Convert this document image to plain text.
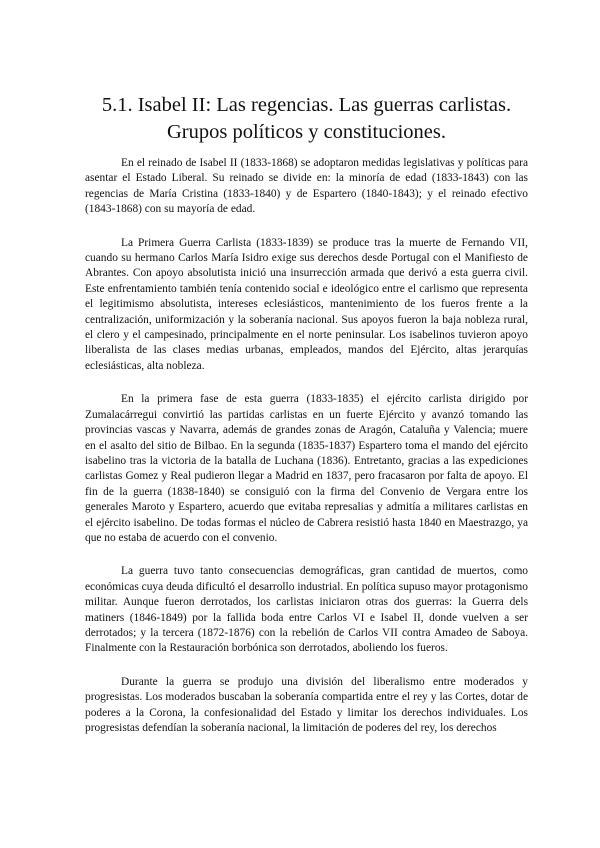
5.1. Isabel II: Las regencias. Las guerras carlistas.
Grupos políticos y constituciones.

En el reinado de Isabel II (1833-1868) se adoptaron medidas legislativas y políticas para asentar el Estado Liberal. Su reinado se divide en: la minoría de edad (1833-1843) con las regencias de María Cristina (1833-1840) y de Espartero (1840-1843); y el reinado efectivo (1843-1868) con su mayoría de edad.

La Primera Guerra Carlista (1833-1839) se produce tras la muerte de Fernando VII, cuando su hermano Carlos María Isidro exige sus derechos desde Portugal con el Manifiesto de Abrantes. Con apoyo absolutista inició una insurrección armada que derivó a esta guerra civil. Este enfrentamiento también tenía contenido social e ideológico entre el carlismo que representa el legitimismo absolutista, intereses eclesiásticos, mantenimiento de los fueros frente a la centralización, uniformización y la soberanía nacional. Sus apoyos fueron la baja nobleza rural, el clero y el campesinado, principalmente en el norte peninsular. Los isabelinos tuvieron apoyo liberalista de las clases medias urbanas, empleados, mandos del Ejército, altas jerarquías eclesiásticas, alta nobleza.

En la primera fase de esta guerra (1833-1835) el ejército carlista dirigido por Zumalacárregui convirtió las partidas carlistas en un fuerte Ejército y avanzó tomando las provincias vascas y Navarra, además de grandes zonas de Aragón, Cataluña y Valencia; muere en el asalto del sitio de Bilbao. En la segunda (1835-1837) Espartero toma el mando del ejército isabelino tras la victoria de la batalla de Luchana (1836). Entretanto, gracias a las expediciones carlistas Gomez y Real pudieron llegar a Madrid en 1837, pero fracasaron por falta de apoyo. El fin de la guerra (1838-1840) se consiguió con la firma del Convenio de Vergara entre los generales Maroto y Espartero, acuerdo que evitaba represalias y admitía a militares carlistas en el ejército isabelino. De todas formas el núcleo de Cabrera resistió hasta 1840 en Maestrazgo, ya que no estaba de acuerdo con el convenio.

La guerra tuvo tanto consecuencias demográficas, gran cantidad de muertos, como económicas cuya deuda dificultó el desarrollo industrial. En política supuso mayor protagonismo militar. Aunque fueron derrotados, los carlistas iniciaron otras dos guerras: la Guerra dels matiners (1846-1849) por la fallida boda entre Carlos VI e Isabel II, donde vuelven a ser derrotados; y la tercera (1872-1876) con la rebelión de Carlos VII contra Amadeo de Saboya. Finalmente con la Restauración borbónica son derrotados, aboliendo los fueros.

Durante la guerra se produjo una división del liberalismo entre moderados y progresistas. Los moderados buscaban la soberanía compartida entre el rey y las Cortes, dotar de poderes a la Corona, la confesionalidad del Estado y limitar los derechos individuales. Los progresistas defendían la soberanía nacional, la limitación de poderes del rey, los derechos
